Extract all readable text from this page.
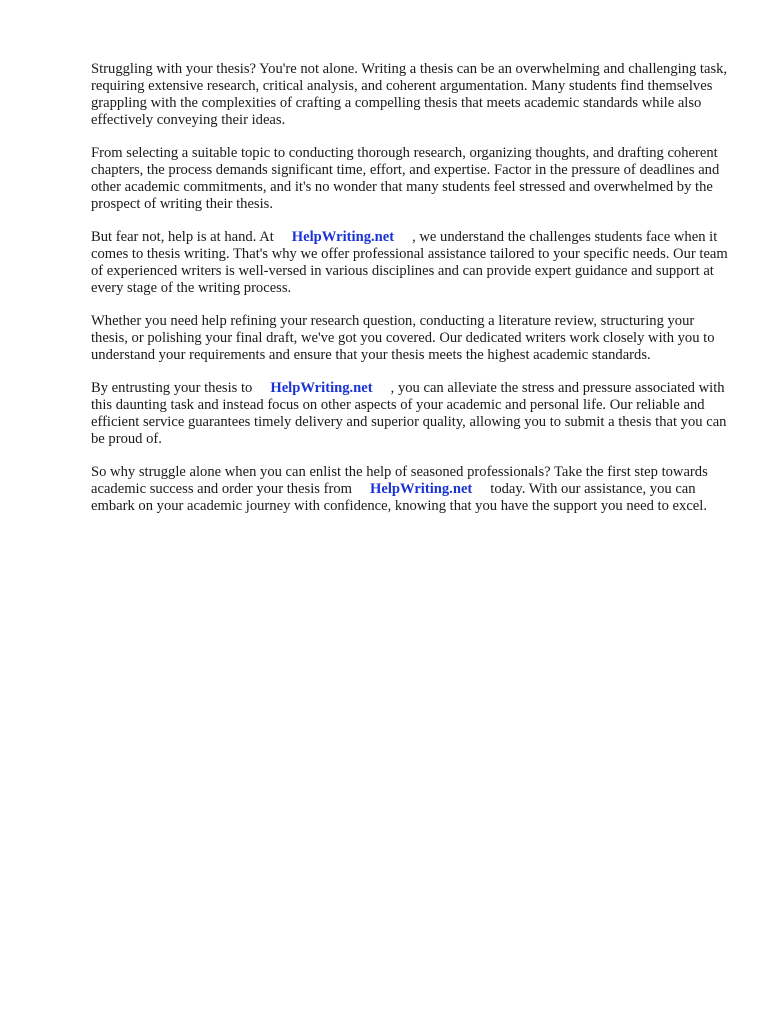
Struggling with your thesis? You're not alone. Writing a thesis can be an overwhelming and challenging task, requiring extensive research, critical analysis, and coherent argumentation. Many students find themselves grappling with the complexities of crafting a compelling thesis that meets academic standards while also effectively conveying their ideas.

From selecting a suitable topic to conducting thorough research, organizing thoughts, and drafting coherent chapters, the process demands significant time, effort, and expertise. Factor in the pressure of deadlines and other academic commitments, and it's no wonder that many students feel stressed and overwhelmed by the prospect of writing their thesis.

But fear not, help is at hand. At HelpWriting.net , we understand the challenges students face when it comes to thesis writing. That's why we offer professional assistance tailored to your specific needs. Our team of experienced writers is well-versed in various disciplines and can provide expert guidance and support at every stage of the writing process.

Whether you need help refining your research question, conducting a literature review, structuring your thesis, or polishing your final draft, we've got you covered. Our dedicated writers work closely with you to understand your requirements and ensure that your thesis meets the highest academic standards.

By entrusting your thesis to HelpWriting.net , you can alleviate the stress and pressure associated with this daunting task and instead focus on other aspects of your academic and personal life. Our reliable and efficient service guarantees timely delivery and superior quality, allowing you to submit a thesis that you can be proud of.

So why struggle alone when you can enlist the help of seasoned professionals? Take the first step towards academic success and order your thesis from HelpWriting.net today. With our assistance, you can embark on your academic journey with confidence, knowing that you have the support you need to excel.
